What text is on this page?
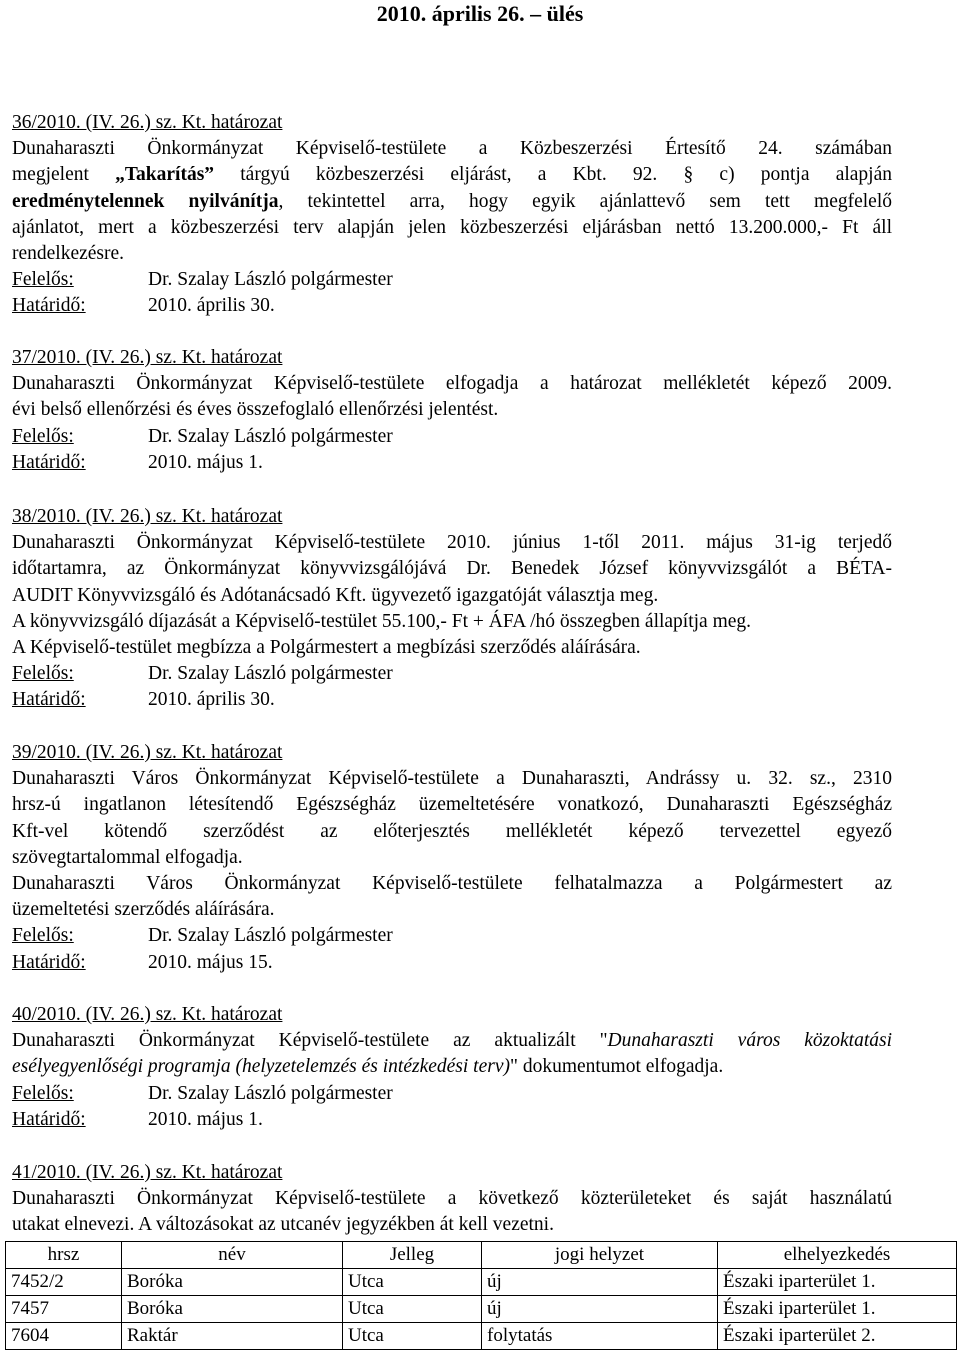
2010. április 26. – ülés
36/2010. (IV. 26.) sz. Kt. határozat
Dunaharaszti Önkormányzat Képviselő-testülete a Közbeszerzési Értesítő 24. számában
megjelent „Takarítás” tárgyú közbeszerzési eljárást, a Kbt. 92. § c) pontja alapján
eredménytelennek nyilvánítja, tekintettel arra, hogy egyik ajánlattevő sem tett megfelelő
ajánlatot, mert a közbeszerzési terv alapján jelen közbeszerzési eljárásban nettó 13.200.000,- Ft áll
rendelkezésre.
Felelős:	Dr. Szalay László polgármester
Határidő:	2010. április 30.
37/2010. (IV. 26.) sz. Kt. határozat
Dunaharaszti Önkormányzat Képviselő-testülete elfogadja a határozat mellékletét képező 2009.
évi belső ellenőrzési és éves összefoglaló ellenőrzési jelentést.
Felelős:	Dr. Szalay László polgármester
Határidő:	2010. május 1.
38/2010. (IV. 26.) sz. Kt. határozat
Dunaharaszti Önkormányzat Képviselő-testülete 2010. június 1-től 2011. május 31-ig terjedő
időtartamra, az Önkormányzat könyvvizsgálójává Dr. Benedek József könyvvizsgálót a BÉTA-
AUDIT Könyvvizsgáló és Adótanácsadó Kft. ügyvezető igazgatóját választja meg.
A könyvvizsgáló díjazását a Képviselő-testület 55.100,- Ft + ÁFA /hó összegben állapítja meg.
A Képviselő-testület megbízza a Polgármestert a megbízási szerződés aláírására.
Felelős:	Dr. Szalay László polgármester
Határidő:	2010. április 30.
39/2010. (IV. 26.) sz. Kt. határozat
Dunaharaszti Város Önkormányzat Képviselő-testülete a Dunaharaszti, Andrássy u. 32. sz., 2310
hrsz-ú ingatlanon létesítendő Egészségház üzemeltetésére vonatkozó, Dunaharaszti Egészségház
Kft-vel kötendő szerződést az előterjesztés mellékletét képező tervezettel egyező
szövegtartalommal elfogadja.
Dunaharaszti Város Önkormányzat Képviselő-testülete felhatalmazza a Polgármestert az
üzemeltetési szerződés aláírására.
Felelős:	Dr. Szalay László polgármester
Határidő:	2010. május 15.
40/2010. (IV. 26.) sz. Kt. határozat
Dunaharaszti Önkormányzat Képviselő-testülete az aktualizált "Dunaharaszti város közoktatási
esélyegyenlőségi programja (helyzetelemzés és intézkedési terv)" dokumentumot elfogadja.
Felelős:	Dr. Szalay László polgármester
Határidő:	2010. május 1.
41/2010. (IV. 26.) sz. Kt. határozat
Dunaharaszti Önkormányzat Képviselő-testülete a következő közterületeket és saját használatú
utakat elnevezi. A változásokat az utcanév jegyzékben át kell vezetni.
hrsz	név	Jelleg	jogi helyzet	elhelyezkedés
7452/2	Boróka	Utca	új	Északi iparterület 1.
7457	Boróka	Utca	új	Északi iparterület 1.
7604	Raktár	Utca	folytatás	Északi iparterület 2.
